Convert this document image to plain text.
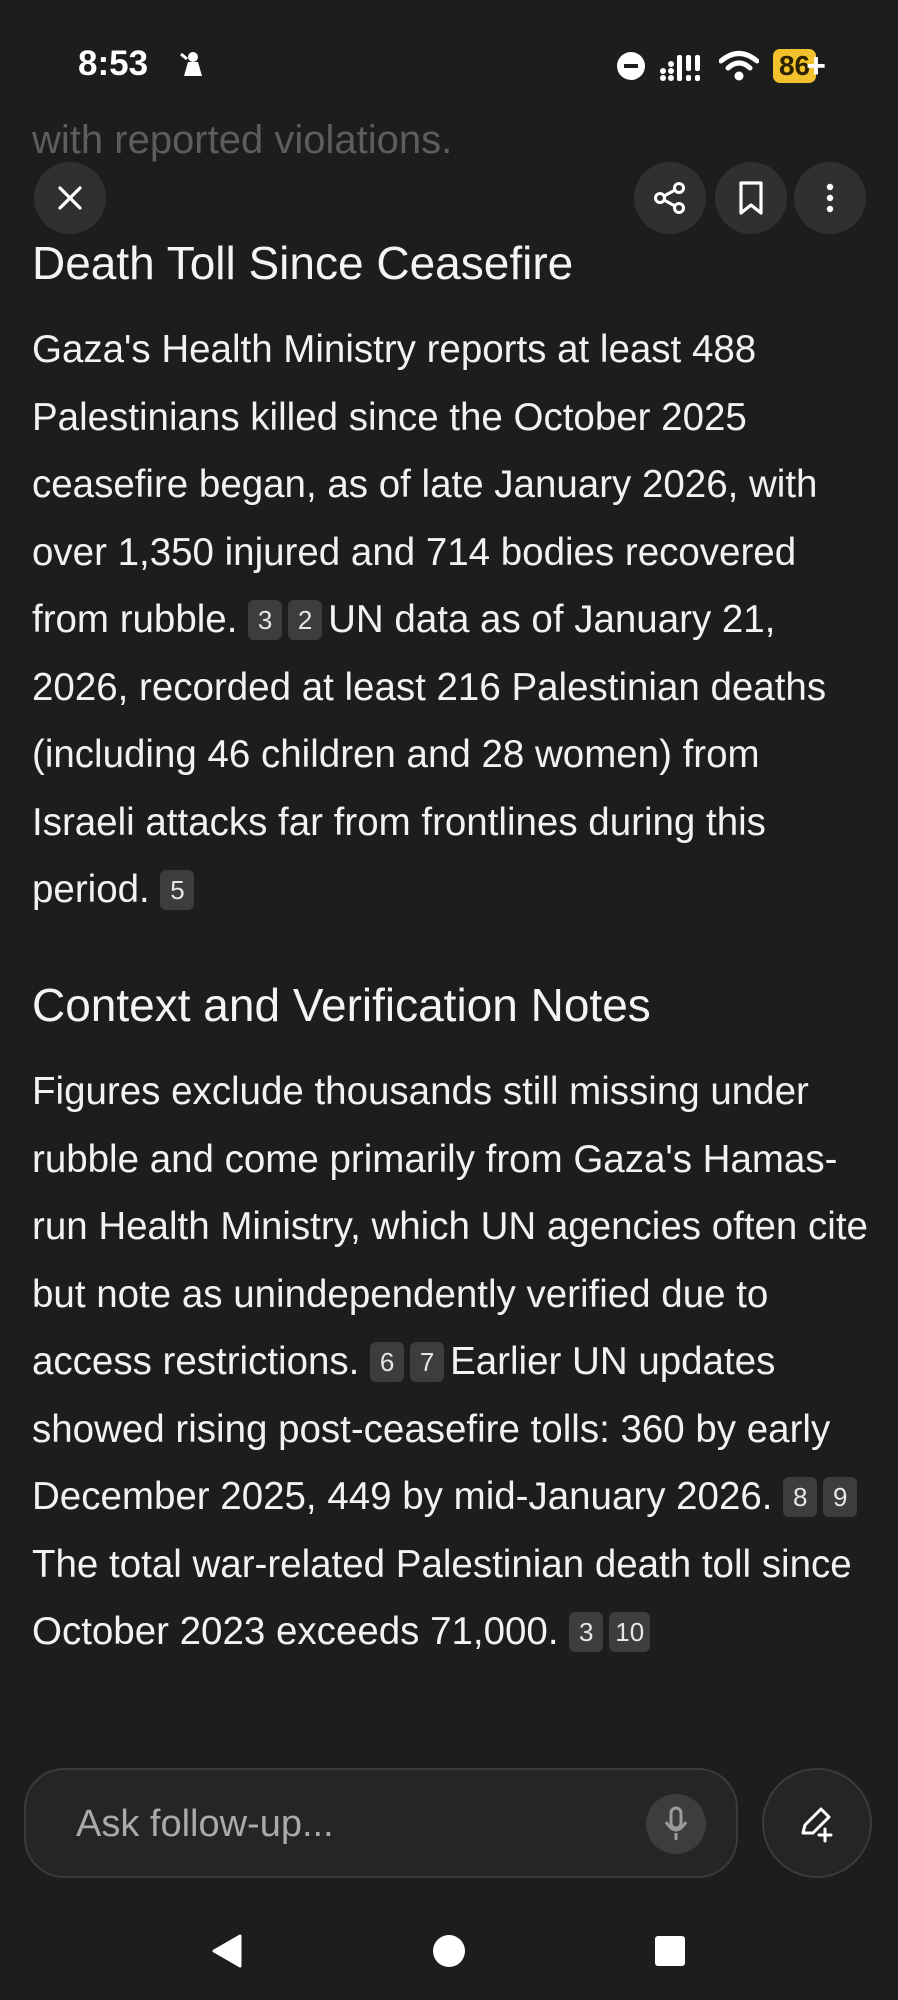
8:53	86
+
with reported violations.
Death Toll Since Ceasefire

Gaza's Health Ministry reports at least 488 Palestinians killed since the October 2025 ceasefire began, as of late January 2026, with over 1,350 injured and 714 bodies recovered from rubble. 3 2 UN data as of January 21, 2026, recorded at least 216 Palestinian deaths (including 46 children and 28 women) from Israeli attacks far from frontlines during this period. 5

Context and Verification Notes

Figures exclude thousands still missing under rubble and come primarily from Gaza's Hamas-run Health Ministry, which UN agencies often cite but note as unindependently verified due to access restrictions. 6 7 Earlier UN updates showed rising post-ceasefire tolls: 360 by early December 2025, 449 by mid-January 2026. 8 9The total war-related Palestinian death toll since October 2023 exceeds 71,000. 3 10

Ask follow-up...
